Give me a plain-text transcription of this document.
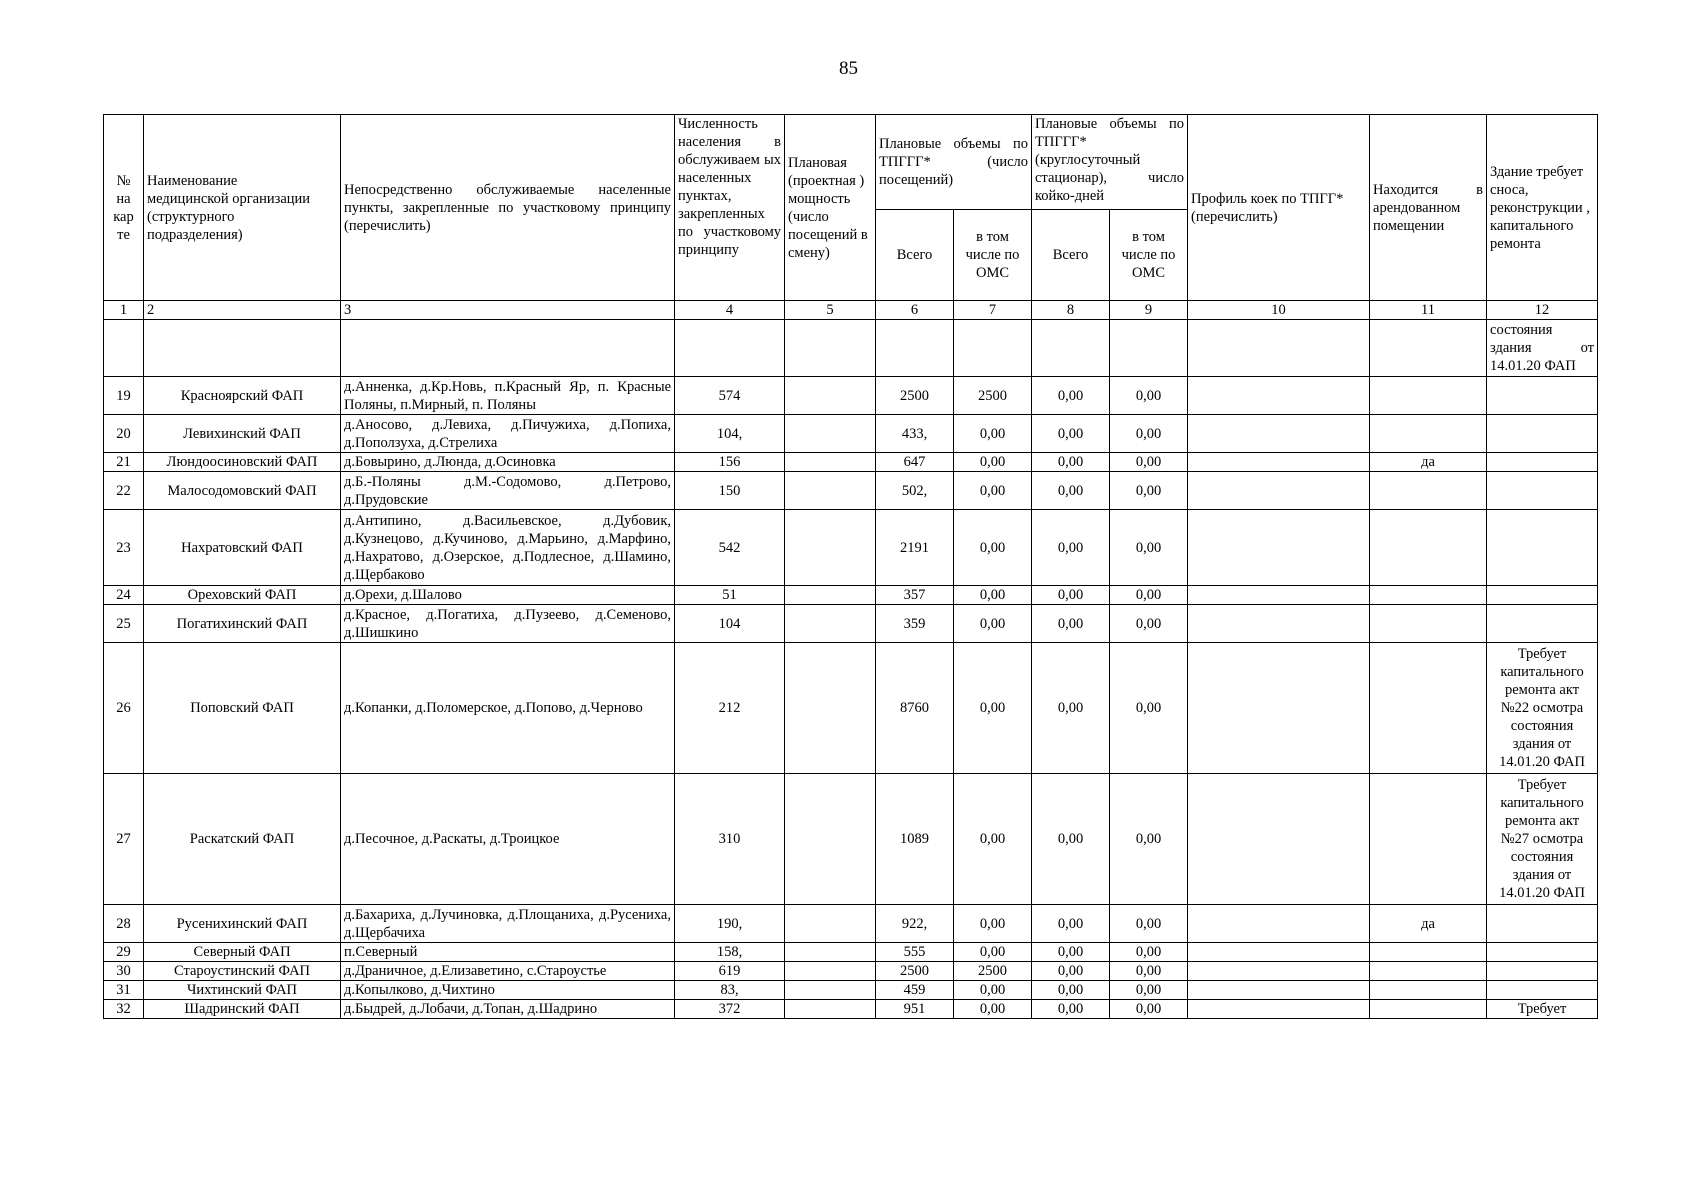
85
№
на
кар
те	Наименование
медицинской организации
(структурного
подразделения)	Непосредственно обслуживаемые населенные пункты, закрепленные по участковому принципу (перечислить)	Численность населения в обслуживаем ых населенных пунктах, закрепленных по участковому принципу	Плановая (проектная ) мощность (число посещений в смену)	Плановые объемы по ТПГГГ* (число посещений)		Плановые объемы по ТПГГГ* (круглосуточный стационар), число койко-дней		Профиль коек по ТПГГ* (перечислить)	Находится в арендованном помещении	Здание требует сноса, реконструкции , капитального ремонта
					Всего	в том числе по ОМС	Всего	в том числе по ОМС			
1	2	3	4	5	6	7	8	9	10	11	12
											состояния здания от 14.01.20 ФАП
19	Красноярский ФАП	д.Анненка, д.Кр.Новь, п.Красный Яр, п. Красные Поляны, п.Мирный, п. Поляны	574		2500	2500	0,00	0,00			
20	Левихинский ФАП	д.Аносово, д.Левиха, д.Пичужиха, д.Попиха, д.Поползуха, д.Стрелиха	104,		433,	0,00	0,00	0,00			
21	Люндоосиновский ФАП	д.Бовырино, д.Люнда, д.Осиновка	156		647	0,00	0,00	0,00		да	
22	Малосодомовский ФАП	д.Б.-Поляны д.М.-Содомово, д.Петрово, д.Прудовские	150		502,	0,00	0,00	0,00			
23	Нахратовский ФАП	д.Антипино, д.Васильевское, д.Дубовик, д.Кузнецово, д.Кучиново, д.Марьино, д.Марфино, д.Нахратово, д.Озерское, д.Подлесное, д.Шамино, д.Щербаково	542		2191	0,00	0,00	0,00			
24	Ореховский ФАП	д.Орехи, д.Шалово	51		357	0,00	0,00	0,00			
25	Погатихинский ФАП	д.Красное, д.Погатиха, д.Пузеево, д.Семеново, д.Шишкино	104		359	0,00	0,00	0,00			
26	Поповский ФАП	д.Копанки, д.Поломерское, д.Попово, д.Черново	212		8760	0,00	0,00	0,00			Требует капитального ремонта акт №22 осмотра состояния здания от 14.01.20 ФАП
27	Раскатский ФАП	д.Песочное, д.Раскаты, д.Троицкое	310		1089	0,00	0,00	0,00			Требует капитального ремонта акт №27 осмотра состояния здания от 14.01.20 ФАП
28	Русенихинский ФАП	д.Бахариха, д.Лучиновка, д.Площаниха, д.Русениха, д.Щербачиха	190,		922,	0,00	0,00	0,00		да	
29	Северный ФАП	п.Северный	158,		555	0,00	0,00	0,00			
30	Староустинский ФАП	д.Драничное, д.Елизаветино, с.Староустье	619		2500	2500	0,00	0,00			
31	Чихтинский ФАП	д.Копылково, д.Чихтино	83,		459	0,00	0,00	0,00			
32	Шадринский ФАП	д.Быдрей, д.Лобачи, д.Топан, д.Шадрино	372		951	0,00	0,00	0,00			Требует
